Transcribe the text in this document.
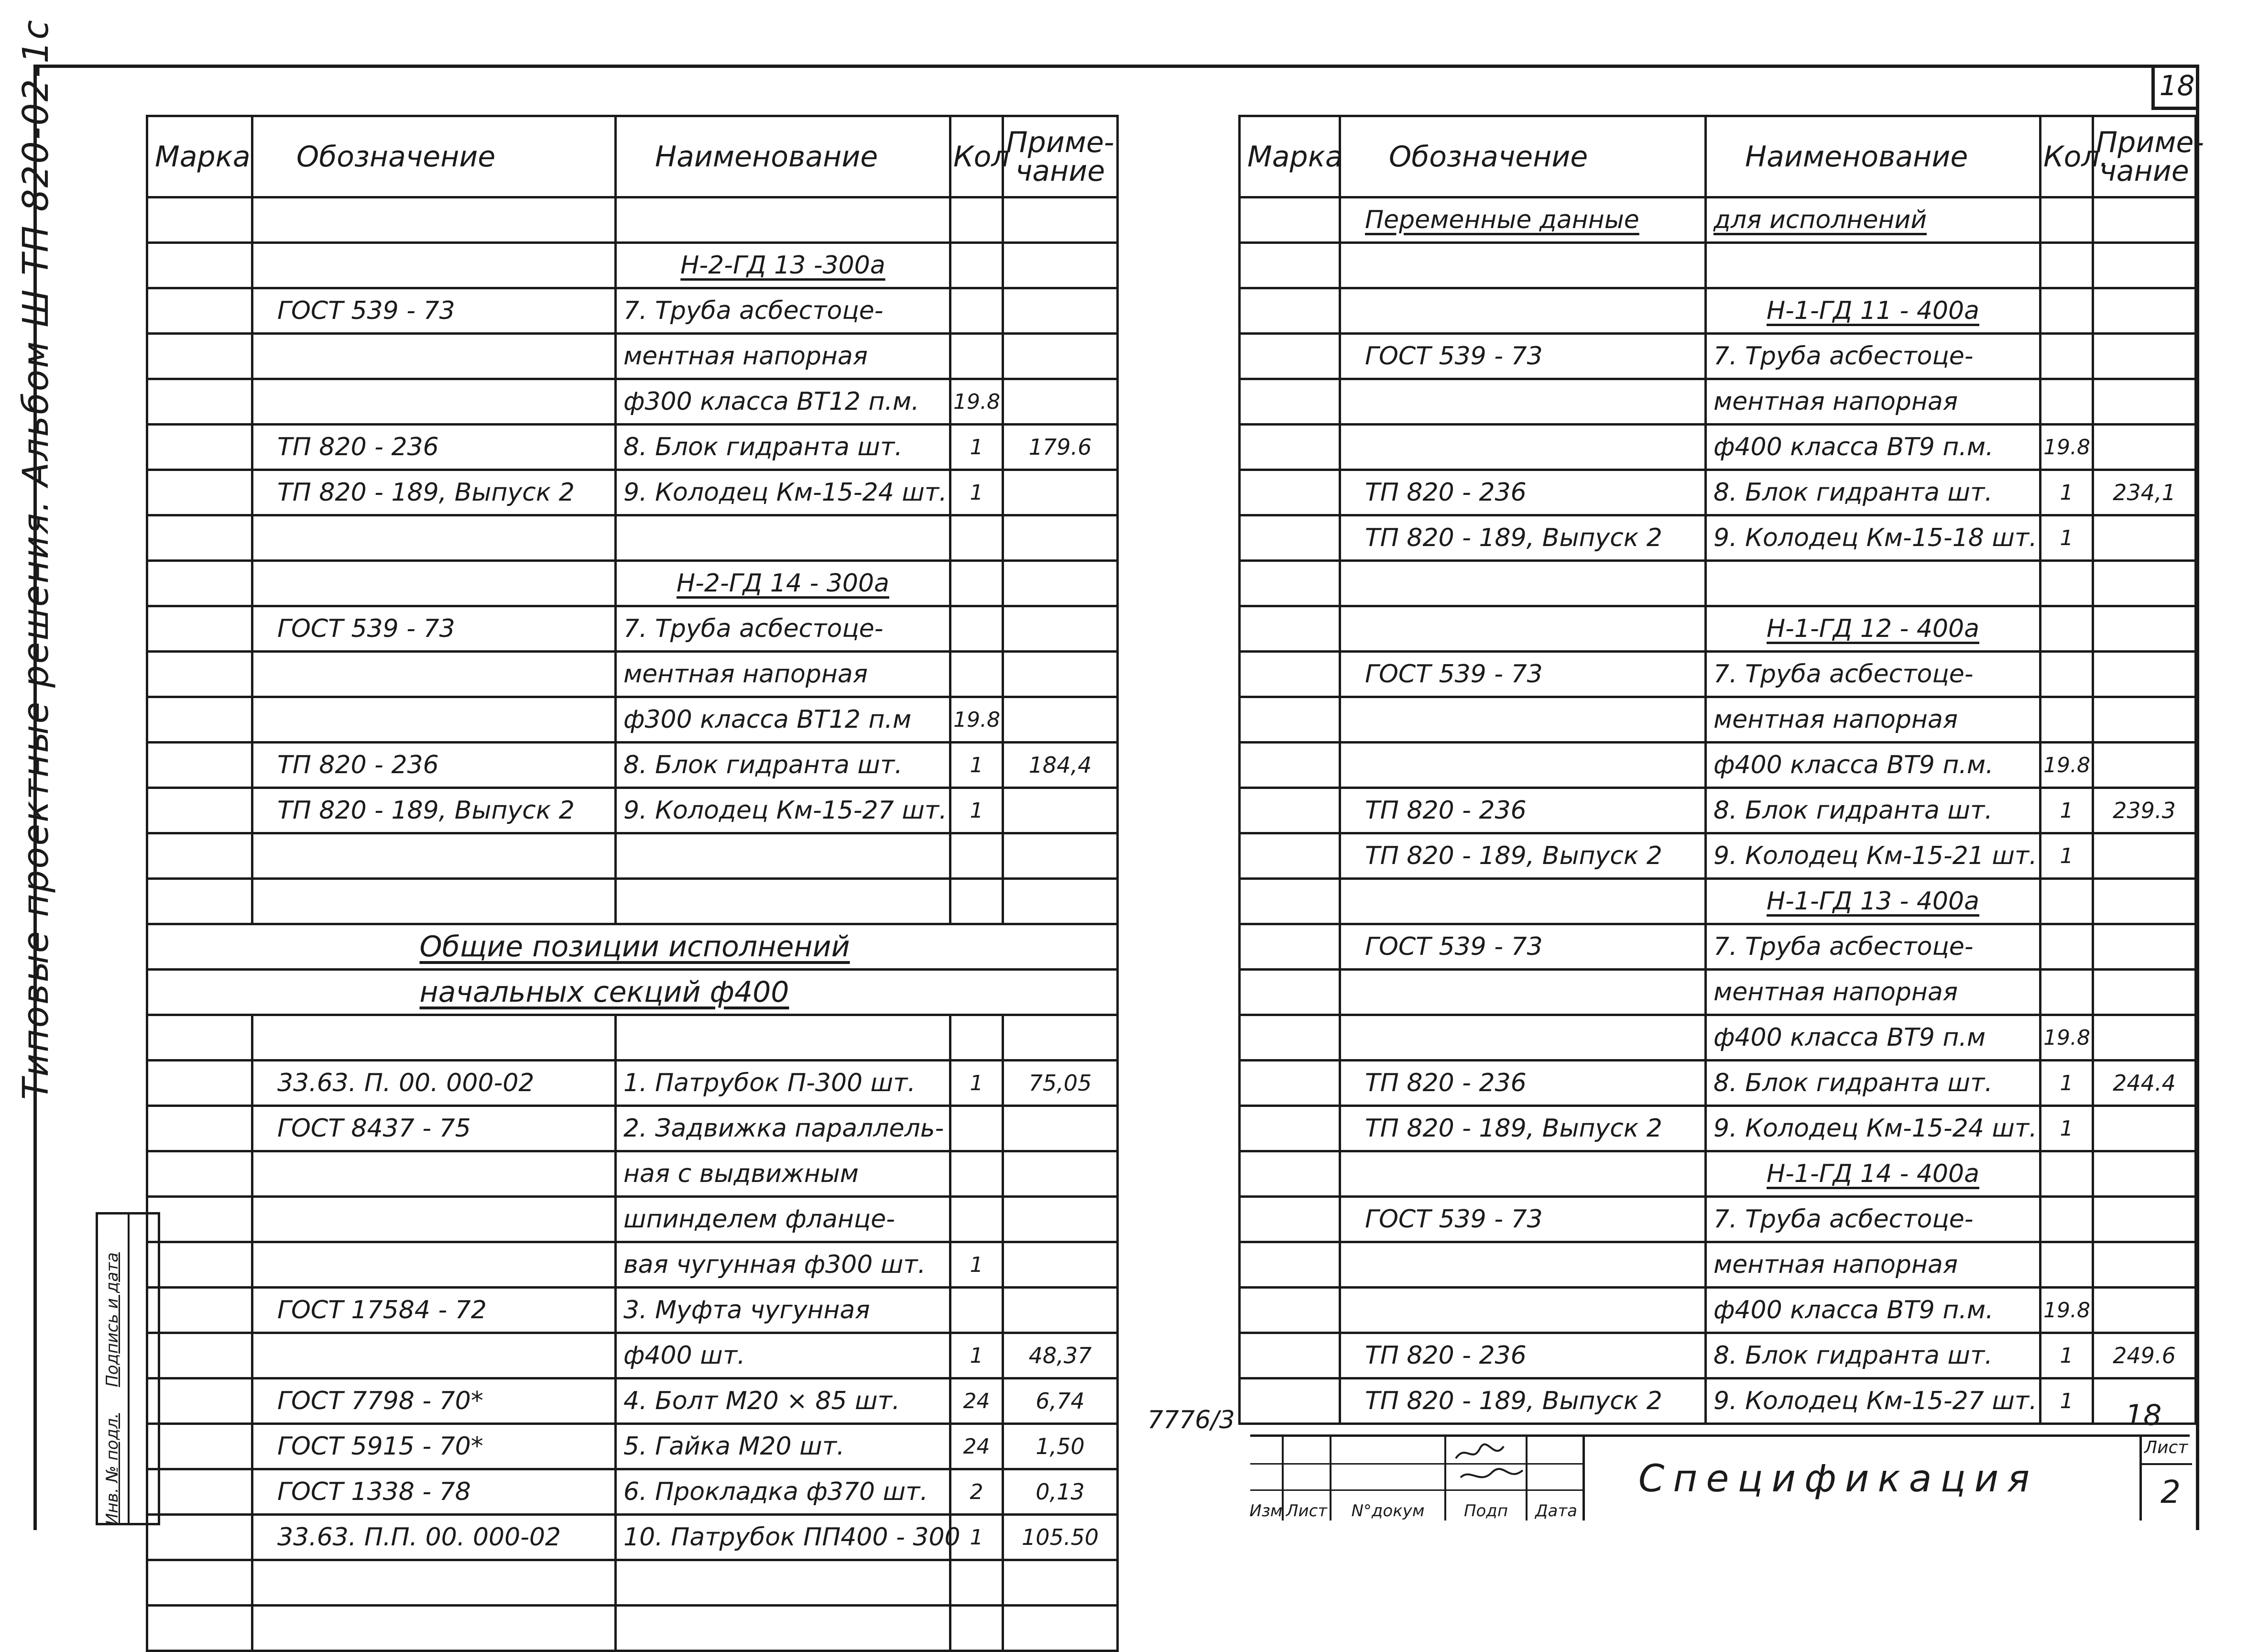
18
Типовые проектные решения. Альбом Ш ТП 820-02-1с	Марка	Обозначение	Наименование	Кол	Приме-
чание

		Н-2-ГД 13 -300а		
	ГОСТ 539 - 73	7. Труба асбестоце-		
		ментная напорная		
		ф300 класса ВТ12 п.м.	19.8	
	ТП 820 - 236	8. Блок гидранта шт.	1	179.6
	ТП 820 - 189, Выпуск 2	9. Колодец Км-15-24 шт.	1	

		Н-2-ГД 14 - 300а		
	ГОСТ 539 - 73	7. Труба асбестоце-		
		ментная напорная		
		ф300 класса ВТ12 п.м	19.8	
	ТП 820 - 236	8. Блок гидранта шт.	1	184,4
	ТП 820 - 189, Выпуск 2	9. Колодец Км-15-27 шт.	1	

	Общие позиции исполнений			
	начальных секций ф400			

	33.63. П. 00. 000-02	1. Патрубок П-300 шт.	1	75,05
	ГОСТ 8437 - 75	2. Задвижка параллель-		
		ная с выдвижным		
		шпинделем фланце-		
		вая чугунная ф300 шт.	1	
	ГОСТ 17584 - 72	3. Муфта чугунная		
		ф400 шт.	1	48,37
	ГОСТ 7798 - 70*	4. Болт М20 × 85 шт.	24	6,74
	ГОСТ 5915 - 70*	5. Гайка М20 шт.	24	1,50
	ГОСТ 1338 - 78	6. Прокладка ф370 шт.	2	0,13
	33.63. П.П. 00. 000-02	10. Патрубок ПП400 - 300	1	105.50

Марка	Обозначение	Наименование	Кол.	Приме-
чание
	Переменные данные	для исполнений		

		Н-1-ГД 11 - 400а		
	ГОСТ 539 - 73	7. Труба асбестоце-		
		ментная напорная		
		ф400 класса ВТ9 п.м.	19.8	
	ТП 820 - 236	8. Блок гидранта шт.	1	234,1
	ТП 820 - 189, Выпуск 2	9. Колодец Км-15-18 шт.	1	

		Н-1-ГД 12 - 400а		
	ГОСТ 539 - 73	7. Труба асбестоце-		
		ментная напорная		
		ф400 класса ВТ9 п.м.	19.8	
	ТП 820 - 236	8. Блок гидранта шт.	1	239.3
	ТП 820 - 189, Выпуск 2	9. Колодец Км-15-21 шт.	1	
		Н-1-ГД 13 - 400а		
	ГОСТ 539 - 73	7. Труба асбестоце-		
		ментная напорная		
		ф400 класса ВТ9 п.м	19.8	
	ТП 820 - 236	8. Блок гидранта шт.	1	244.4
	ТП 820 - 189, Выпуск 2	9. Колодец Км-15-24 шт.	1	
		Н-1-ГД 14 - 400а		
	ГОСТ 539 - 73	7. Труба асбестоце-		
		ментная напорная		
		ф400 класса ВТ9 п.м.	19.8	
	ТП 820 - 236	8. Блок гидранта шт.	1	249.6
	ТП 820 - 189, Выпуск 2	9. Колодец Км-15-27 шт.	1	
Инв. № подл.
Подпись и дата
7776/3	18
Изм Лист	N°докум	Подп	Дата
Спецификация
Лист
2
